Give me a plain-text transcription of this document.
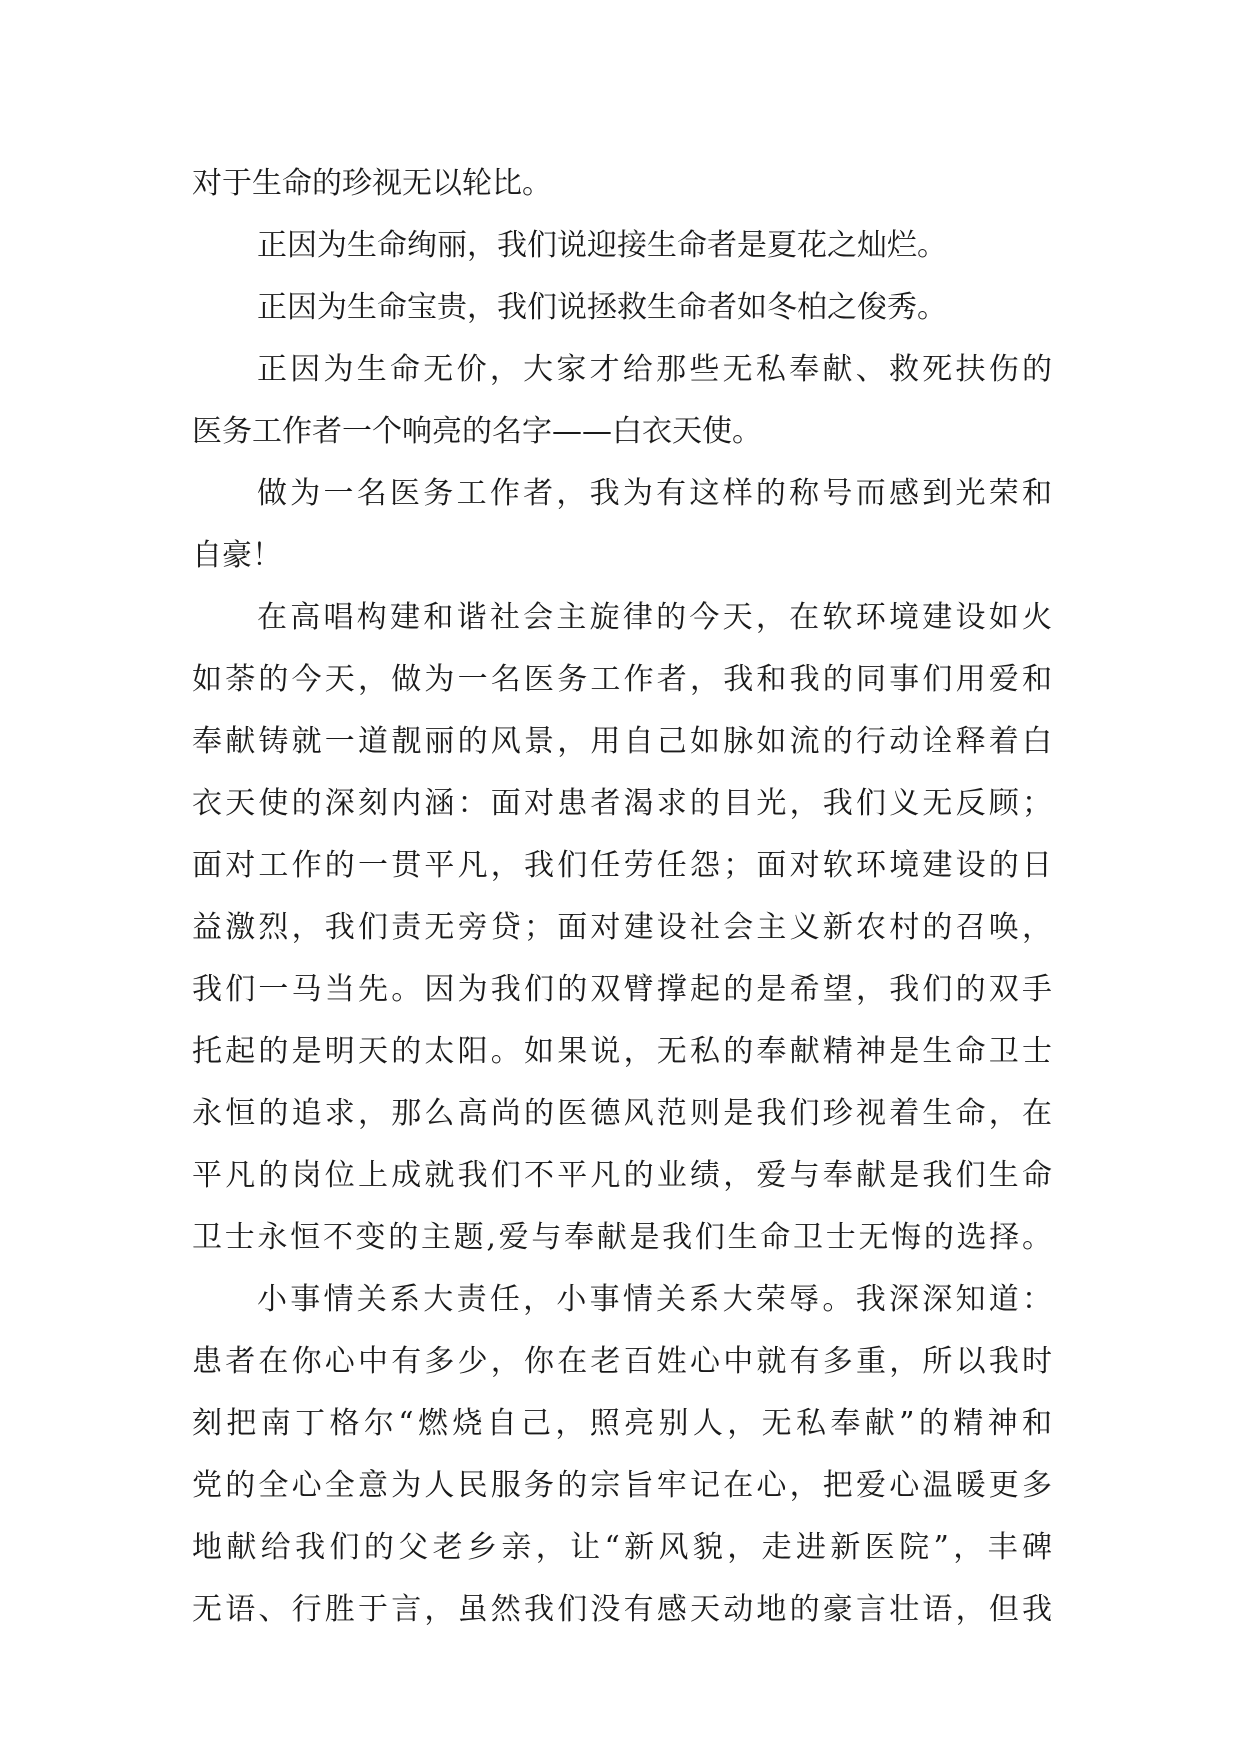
对于生命的珍视无以轮比。
正因为生命绚丽，我们说迎接生命者是夏花之灿烂。
正因为生命宝贵，我们说拯救生命者如冬柏之俊秀。
正因为生命无价，大家才给那些无私奉献、救死扶伤的
医务工作者一个响亮的名字——白衣天使。
做为一名医务工作者，我为有这样的称号而感到光荣和
自豪！
在高唱构建和谐社会主旋律的今天，在软环境建设如火
如荼的今天，做为一名医务工作者，我和我的同事们用爱和
奉献铸就一道靓丽的风景，用自己如脉如流的行动诠释着白
衣天使的深刻内涵：面对患者渴求的目光，我们义无反顾；
面对工作的一贯平凡，我们任劳任怨；面对软环境建设的日
益激烈，我们责无旁贷；面对建设社会主义新农村的召唤，
我们一马当先。因为我们的双臂撑起的是希望，我们的双手
托起的是明天的太阳。如果说，无私的奉献精神是生命卫士
永恒的追求，那么高尚的医德风范则是我们珍视着生命，在
平凡的岗位上成就我们不平凡的业绩，爱与奉献是我们生命
卫士永恒不变的主题,爱与奉献是我们生命卫士无悔的选择。
小事情关系大责任，小事情关系大荣辱。我深深知道：
患者在你心中有多少，你在老百姓心中就有多重，所以我时
刻把南丁格尔“燃烧自己，照亮别人，无私奉献”的精神和
党的全心全意为人民服务的宗旨牢记在心，把爱心温暖更多
地献给我们的父老乡亲，让“新风貌，走进新医院”，丰碑
无语、行胜于言，虽然我们没有感天动地的豪言壮语，但我
